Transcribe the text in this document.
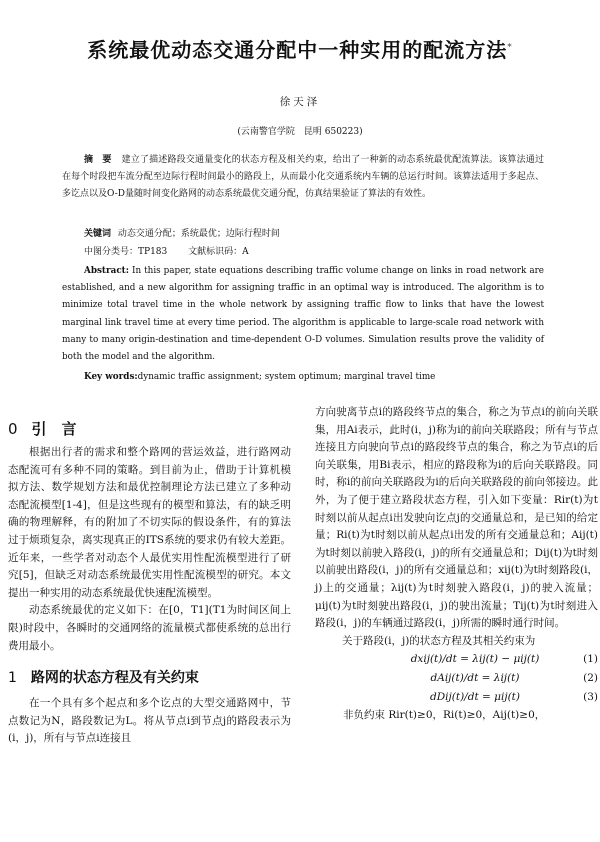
系统最优动态交通分配中一种实用的配流方法*
徐天泽
(云南警官学院　昆明 650223)
摘　要 建立了描述路段交通量变化的状态方程及相关约束，给出了一种新的动态系统最优配流算法。该算法通过在每个时段把车流分配至边际行程时间最小的路段上，从而最小化交通系统内车辆的总运行时间。该算法适用于多起点、多讫点以及O-D量随时间变化路网的动态系统最优交通分配，仿真结果验证了算法的有效性。
关键词 动态交通分配；系统最优；边际行程时间
中图分类号：TP183 文献标识码：A
Abstract: In this paper, state equations describing traffic volume change on links in road network are established, and a new algorithm for assigning traffic in an optimal way is introduced. The algorithm is to minimize total travel time in the whole network by assigning traffic flow to links that have the lowest marginal link travel time at every time period. The algorithm is applicable to large-scale road network with many to many origin-destination and time-dependent O-D volumes. Simulation results prove the validity of both the model and the algorithm.
Key words:dynamic traffic assignment; system optimum; marginal travel time
0 引　言

根据出行者的需求和整个路网的营运效益，进行路网动态配流可有多种不同的策略。到目前为止，借助于计算机模拟方法、数学规划方法和最优控制理论方法已建立了多种动态配流模型[1-4]，但是这些现有的模型和算法，有的缺乏明确的物理解释，有的附加了不切实际的假设条件，有的算法过于烦琐复杂，离实现真正的ITS系统的要求仍有较大差距。近年来，一些学者对动态个人最优实用性配流模型进行了研究[5]，但缺乏对动态系统最优实用性配流模型的研究。本文提出一种实用的动态系统最优快速配流模型。

动态系统最优的定义如下：在[0，T1](T1为时间区间上限)时段中，各瞬时的交通网络的流量模式都使系统的总出行费用最小。

1 路网的状态方程及有关约束

在一个具有多个起点和多个讫点的大型交通路网中，节点数记为N，路段数记为L。将从节点i到节点j的路段表示为(i，j)，所有与节点i连接且

方向驶离节点i的路段终节点的集合，称之为节点i的前向关联集，用Ai表示，此时(i，j)称为i的前向关联路段；所有与节点连接且方向驶向节点i的路段终节点的集合，称之为节点i的后向关联集，用Bi表示，相应的路段称为i的后向关联路段。同时，称i的前向关联路段为i的后向关联路段的前向邻接边。此外，为了便于建立路段状态方程，引入如下变量：Rir(t)为t时刻以前从起点i出发驶向讫点j的交通量总和，是已知的给定量；Ri(t)为t时刻以前从起点i出发的所有交通量总和；Aij(t)为t时刻以前驶入路段(i，j)的所有交通量总和；Dij(t)为t时刻以前驶出路段(i，j)的所有交通量总和；xij(t)为t时刻路段(i，j)上的交通量；λij(t)为t时刻驶入路段(i，j)的驶入流量；μij(t)为t时刻驶出路段(i，j)的驶出流量；Tij(t)为t时刻进入路段(i，j)的车辆通过路段(i，j)所需的瞬时通行时间。

关于路段(i，j)的状态方程及其相关约束为

dxij(t)/dt = λij(t) − μij(t)	(1)
dAij(t)/dt = λij(t)	(2)
dDij(t)/dt = μij(t)	(3)

非负约束 Rir(t)≥0，Ri(t)≥0，Aij(t)≥0，
